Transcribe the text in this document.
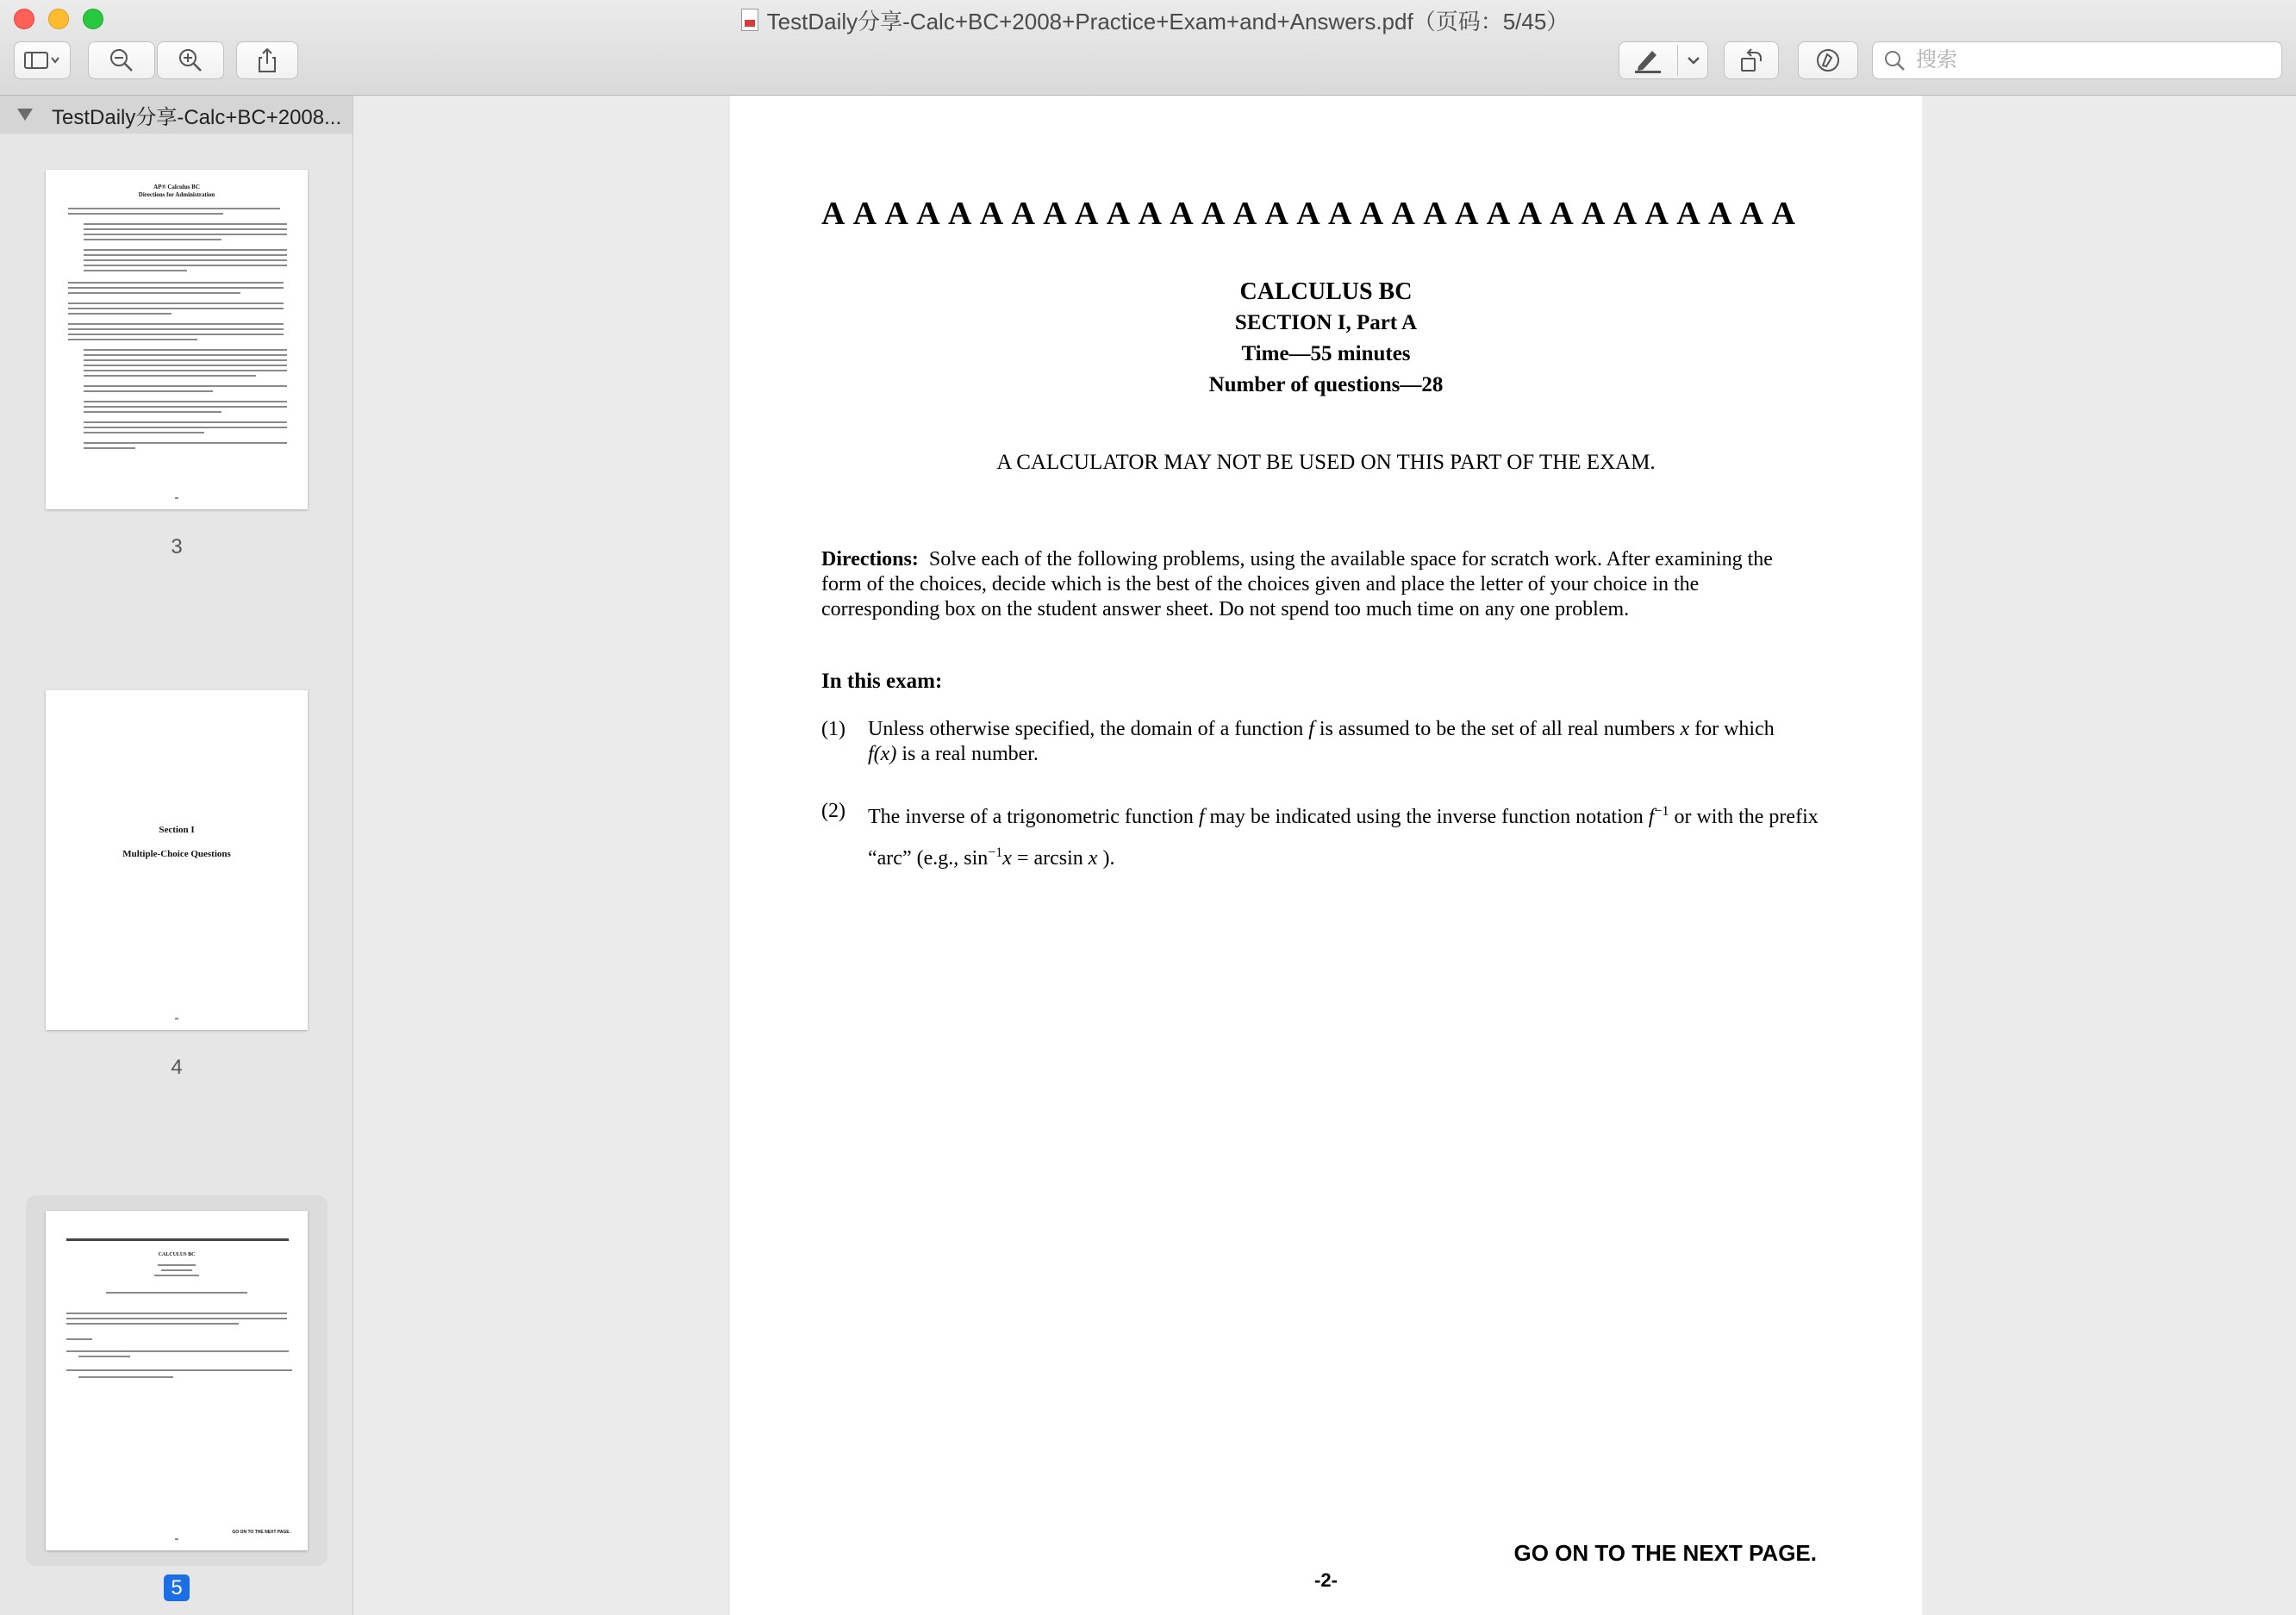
TestDaily分享-Calc+BC+2008+Practice+Exam+and+Answers.pdf（页码：5/45）
搜索
TestDaily分享-Calc+BC+2008...
AP® Calculus BC
Directions for Administration
3
Section I
Multiple-Choice Questions
4
CALCULUS BC
GO ON TO THE NEXT PAGE.
5
A A A A A A A A A A A A A A A A A A A A A A A A A A A A A A A
CALCULUS BC
SECTION I, Part A
Time—55 minutes
Number of questions—28
A CALCULATOR MAY NOT BE USED ON THIS PART OF THE EXAM.
Directions: Solve each of the following problems, using the available space for scratch work. After examining the form of the choices, decide which is the best of the choices given and place the letter of your choice in the corresponding box on the student answer sheet. Do not spend too much time on any one problem.
In this exam:
(1) Unless otherwise specified, the domain of a function f is assumed to be the set of all real numbers x for which
f(x) is a real number.
(2) The inverse of a trigonometric function f may be indicated using the inverse function notation $f^{-1}$ or with the prefix “arc” (e.g., $\sin^{-1}x = \arcsin x$ ).
GO ON TO THE NEXT PAGE.
-2-
